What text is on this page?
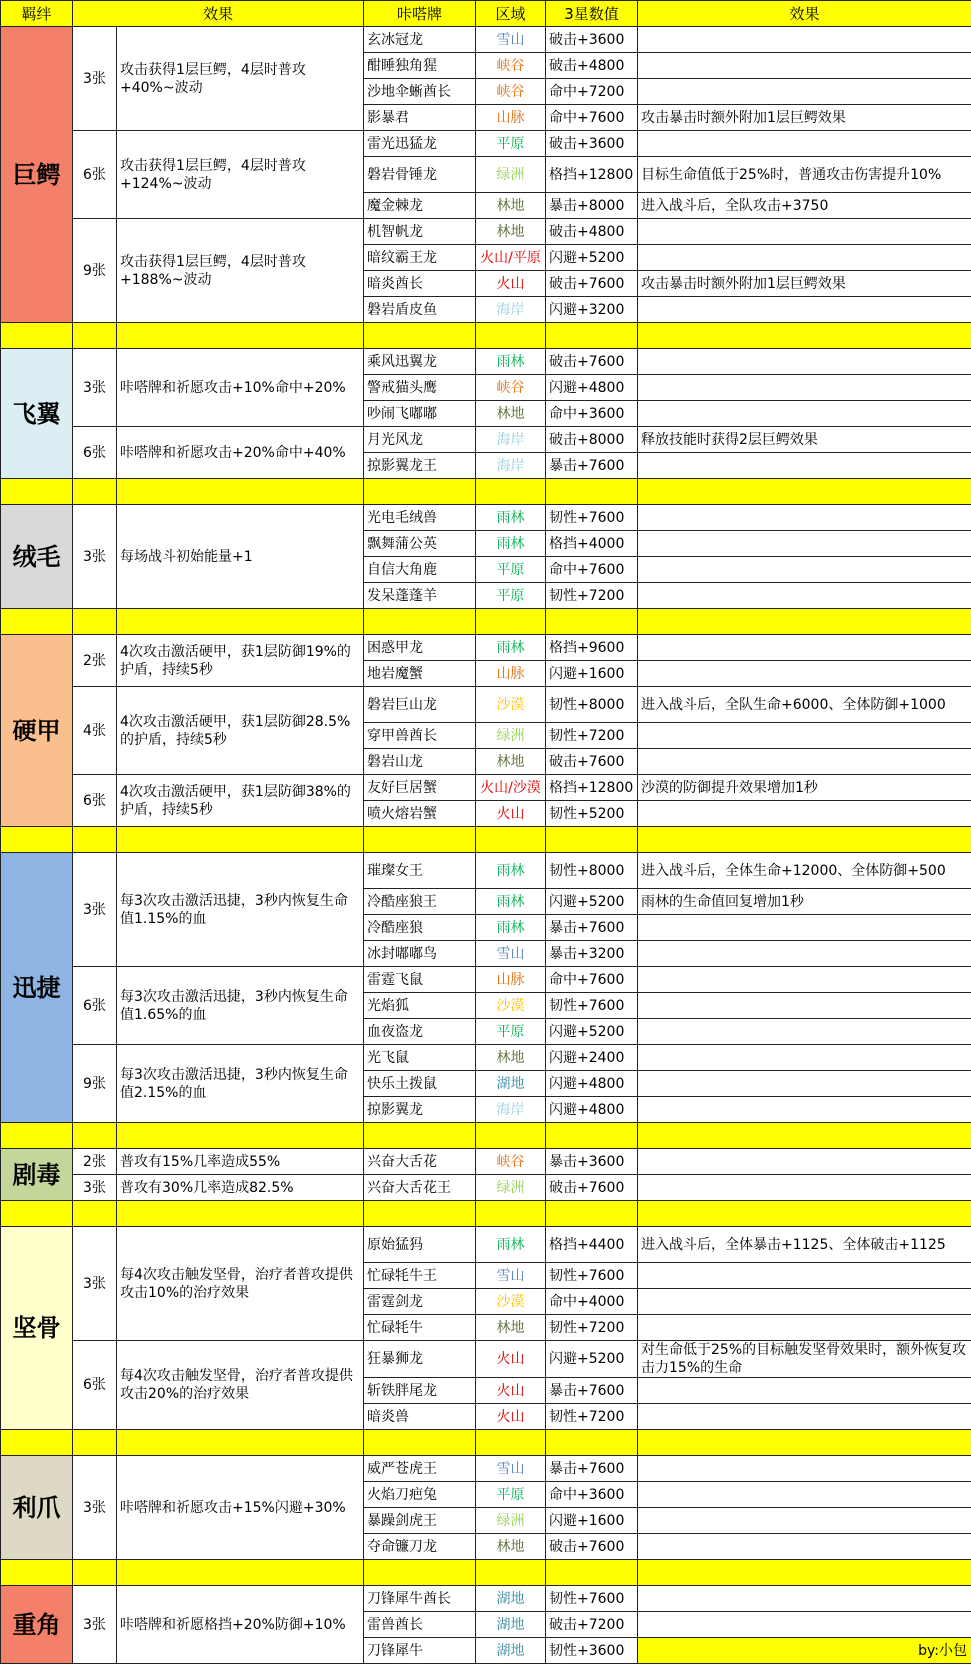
羁绊	效果		咔嗒牌	区域	3星数值	效果
巨鳄	3张	攻击获得1层巨鳄，4层时普攻+40%~波动	玄冰冠龙	雪山	破击+3600	
			酣睡独角猩	峡谷	破击+4800	
			沙地伞蜥酋长	峡谷	命中+7200	
			影暴君	山脉	命中+7600	攻击暴击时额外附加1层巨鳄效果
	6张	攻击获得1层巨鳄，4层时普攻+124%~波动	雷光迅猛龙	平原	破击+3600	
			磐岩骨锤龙	绿洲	格挡+12800	目标生命值低于25%时，普通攻击伤害提升10%
			魔金棘龙	林地	暴击+8000	进入战斗后，全队攻击+3750
	9张	攻击获得1层巨鳄，4层时普攻+188%~波动	机智帆龙	林地	破击+4800	
			暗纹霸王龙	火山/平原	闪避+5200	
			暗炎酋长	火山	破击+7600	攻击暴击时额外附加1层巨鳄效果
			磐岩盾皮鱼	海岸	闪避+3200	

飞翼	3张	咔嗒牌和祈愿攻击+10%命中+20%	乘风迅翼龙	雨林	破击+7600	
			警戒猫头鹰	峡谷	闪避+4800	
			吵闹飞嘟嘟	林地	命中+3600	
	6张	咔嗒牌和祈愿攻击+20%命中+40%	月光风龙	海岸	破击+8000	释放技能时获得2层巨鳄效果
			掠影翼龙王	海岸	暴击+7600	

绒毛	3张	每场战斗初始能量+1	光电毛绒兽	雨林	韧性+7600	
			飘舞蒲公英	雨林	格挡+4000	
			自信大角鹿	平原	命中+7600	
			发呆蓬蓬羊	平原	韧性+7200	

硬甲	2张	4次攻击激活硬甲，获1层防御19%的护盾，持续5秒	困惑甲龙	雨林	格挡+9600	
			地岩魔蟹	山脉	闪避+1600	
	4张	4次攻击激活硬甲，获1层防御28.5%的护盾，持续5秒	磐岩巨山龙	沙漠	韧性+8000	进入战斗后，全队生命+6000、全体防御+1000
			穿甲兽酋长	绿洲	韧性+7200	
			磐岩山龙	林地	破击+7600	
	6张	4次攻击激活硬甲，获1层防御38%的护盾，持续5秒	友好巨居蟹	火山/沙漠	格挡+12800	沙漠的防御提升效果增加1秒
			喷火熔岩蟹	火山	韧性+5200	

迅捷	3张	每3次攻击激活迅捷，3秒内恢复生命值1.15%的血	璀璨女王	雨林	韧性+8000	进入战斗后，全体生命+12000、全体防御+500
			冷酷座狼王	雨林	闪避+5200	雨林的生命值回复增加1秒
			冷酷座狼	雨林	暴击+7600	
			冰封嘟嘟鸟	雪山	暴击+3200	
	6张	每3次攻击激活迅捷，3秒内恢复生命值1.65%的血	雷霆飞鼠	山脉	命中+7600	
			光焰狐	沙漠	韧性+7600	
			血夜盗龙	平原	闪避+5200	
	9张	每3次攻击激活迅捷，3秒内恢复生命值2.15%的血	光飞鼠	林地	闪避+2400	
			快乐土拨鼠	湖地	闪避+4800	
			掠影翼龙	海岸	闪避+4800	

剧毒	2张	普攻有15%几率造成55%	兴奋大舌花	峡谷	暴击+3600	
	3张	普攻有30%几率造成82.5%	兴奋大舌花王	绿洲	破击+7600	

坚骨	3张	每4次攻击触发坚骨，治疗者普攻提供攻击10%的治疗效果	原始猛犸	雨林	格挡+4400	进入战斗后，全体暴击+1125、全体破击+1125
			忙碌牦牛王	雪山	韧性+7600	
			雷霆剑龙	沙漠	命中+4000	
			忙碌牦牛	林地	韧性+7200	
	6张	每4次攻击触发坚骨，治疗者普攻提供攻击20%的治疗效果	狂暴狮龙	火山	闪避+5200	对生命低于25%的目标触发坚骨效果时，额外恢复攻击力15%的生命
			斩铁胖尾龙	火山	暴击+7600	
			暗炎兽	火山	韧性+7200	

利爪	3张	咔嗒牌和祈愿攻击+15%闪避+30%	威严苍虎王	雪山	暴击+7600	
			火焰刀疤兔	平原	命中+3600	
			暴躁剑虎王	绿洲	闪避+1600	
			夺命镰刀龙	林地	破击+7600	

重角	3张	咔嗒牌和祈愿格挡+20%防御+10%	刀锋犀牛酋长	湖地	韧性+7600	
			雷兽酋长	湖地	破击+7200	
			刀锋犀牛	湖地	韧性+3600	by:小包
